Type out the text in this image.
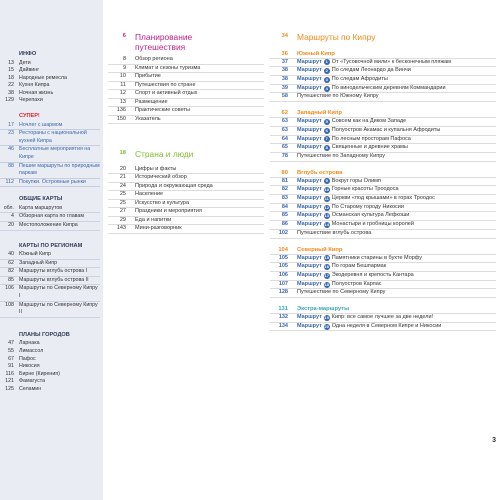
ИНФО
13 Дети
15 Дайвинг
18 Народные ремесла
22 Кухня Кипра
38 Ночная жизнь
129 Черепахи
СУПЕР!
17 Ночлег с шармом
23 Рестораны с национальной кухней Кипра
46 Бесплатные мероприятия на Кипре
88 Пешие маршруты по природным паркам
112 Покупки. Островные рынки
ОБЩИЕ КАРТЫ
обл. Карта маршрутов
4 Обзорная карта по главам
20 Местоположение Кипра
КАРТЫ ПО РЕГИОНАМ
40 Южный Кипр
62 Западный Кипр
82 Маршруты вглубь острова I
85 Маршруты вглубь острова II
106 Маршруты по Северному Кипру I
108 Маршруты по Северному Кипру II
ПЛАНЫ ГОРОДОВ
47 Ларнака
55 Лимассол
67 Пафос
91 Никосия
116 Бирне (Кирения)
121 Фамагуста
125 Селамин
6	Планирование путешествия
8	Обзор региона
9	Климат и сезоны туризма
10	Прибытие
11	Путешествия по стране
12	Спорт и активный отдых
13	Размещение
136	Практические советы
150	Указатель
18	Страна и люди
20	Цифры и факты
21	Исторический обзор
24	Природа и окружающая среда
25	Население
25	Искусство и культура
27	Праздники и мероприятия
29	Еда и напитки
143	Мини-разговорник
34	Маршруты по Кипру
36	Южный Кипр
37	Маршрут 1 От «Тусовочной мили» к бесконечным пляжам
38	Маршрут 2 По следам Леонардо да Винчи
38	Маршрут 3 По следам Афродиты
39	Маршрут 4 По винодельческим деревням Коммандарии
58	Путешествие по Южному Кипру
62	Западный Кипр
63	Маршрут 5 Совсем как на Диком Западе
63	Маршрут 6 Полуостров Акамас и купальня Афродиты
64	Маршрут 7 По лесным просторам Пафоса
65	Маршрут 8 Священные и древние храмы
78	Путешествие по Западному Кипру
80	Вглубь острова
81	Маршрут 9 Вокруг горы Олимп
82	Маршрут 10 Горные красоты Троодоса
83	Маршрут 11 Церкви «под крышами» в горах Троодос
84	Маршрут 12 По Старому городу Никосии
85	Маршрут 13 Османская культура Лефкоши
86	Маршрут 14 Монастыри и гробницы королей
102	Путешествие вглубь острова
104	Северный Кипр
105	Маршрут 15 Памятники старины в бухте Морфу
105	Маршрут 16 По горам Бешпармак
106	Маршрут 17 Экодеревня и крепость Кантара
107	Маршрут 18 Полуостров Карпас
128	Путешествие по Северному Кипру
131	Экстра-маршруты
132	Маршрут 19 Кипр: все самое лучшее за две недели!
134	Маршрут 20 Одна неделя в Северном Кипре и Никосии
3
